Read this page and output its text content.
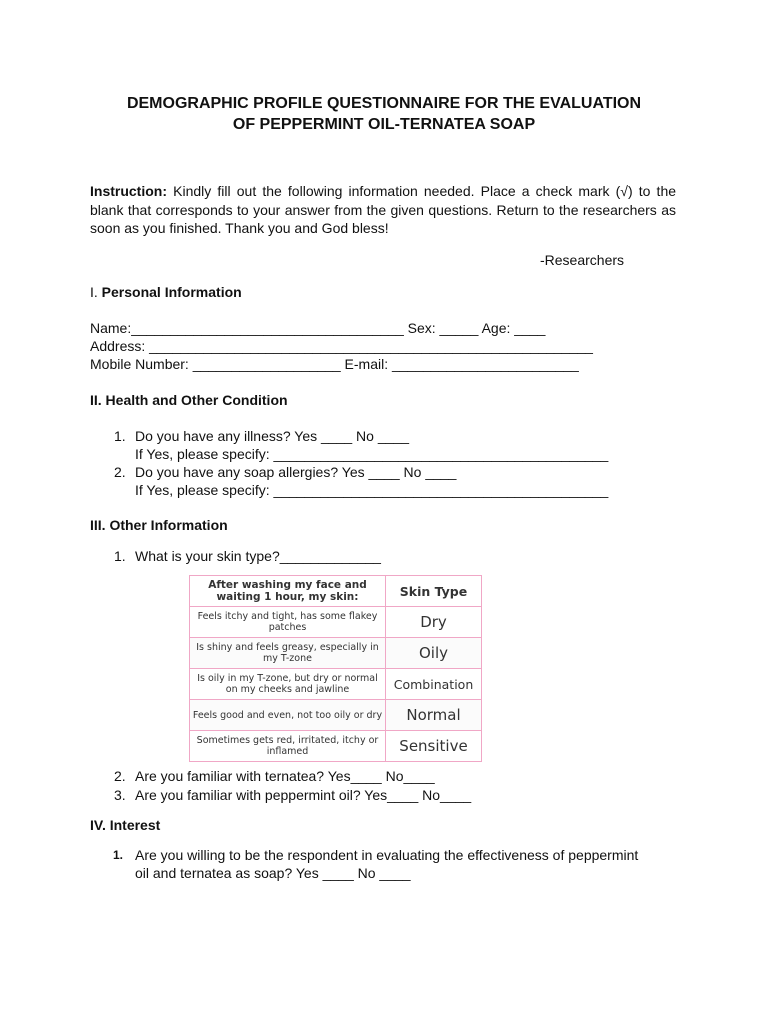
DEMOGRAPHIC PROFILE QUESTIONNAIRE FOR THE EVALUATION
OF PEPPERMINT OIL-TERNATEA SOAP
Instruction: Kindly fill out the following information needed. Place a check mark (√) to the blank that corresponds to your answer from the given questions. Return to the researchers as soon as you finished. Thank you and God bless!
-Researchers
I. Personal Information
Name:___________________________________ Sex: _____ Age: ____
Address: _________________________________________________________
Mobile Number: ___________________ E-mail: ________________________
II. Health and Other Condition
1. Do you have any illness? Yes ____ No ____
If Yes, please specify: ___________________________________________
2. Do you have any soap allergies? Yes ____ No ____
If Yes, please specify: ___________________________________________
III. Other Information
1. What is your skin type?_____________
After washing my face and waiting 1 hour, my skin:	Skin Type
Feels itchy and tight, has some flakey patches	Dry
Is shiny and feels greasy, especially in my T-zone	Oily
Is oily in my T-zone, but dry or normal on my cheeks and jawline	Combination
Feels good and even, not too oily or dry	Normal
Sometimes gets red, irritated, itchy or inflamed	Sensitive
2. Are you familiar with ternatea? Yes____ No____
3. Are you familiar with peppermint oil? Yes____ No____
IV. Interest
1. Are you willing to be the respondent in evaluating the effectiveness of peppermint
oil and ternatea as soap? Yes ____ No ____
